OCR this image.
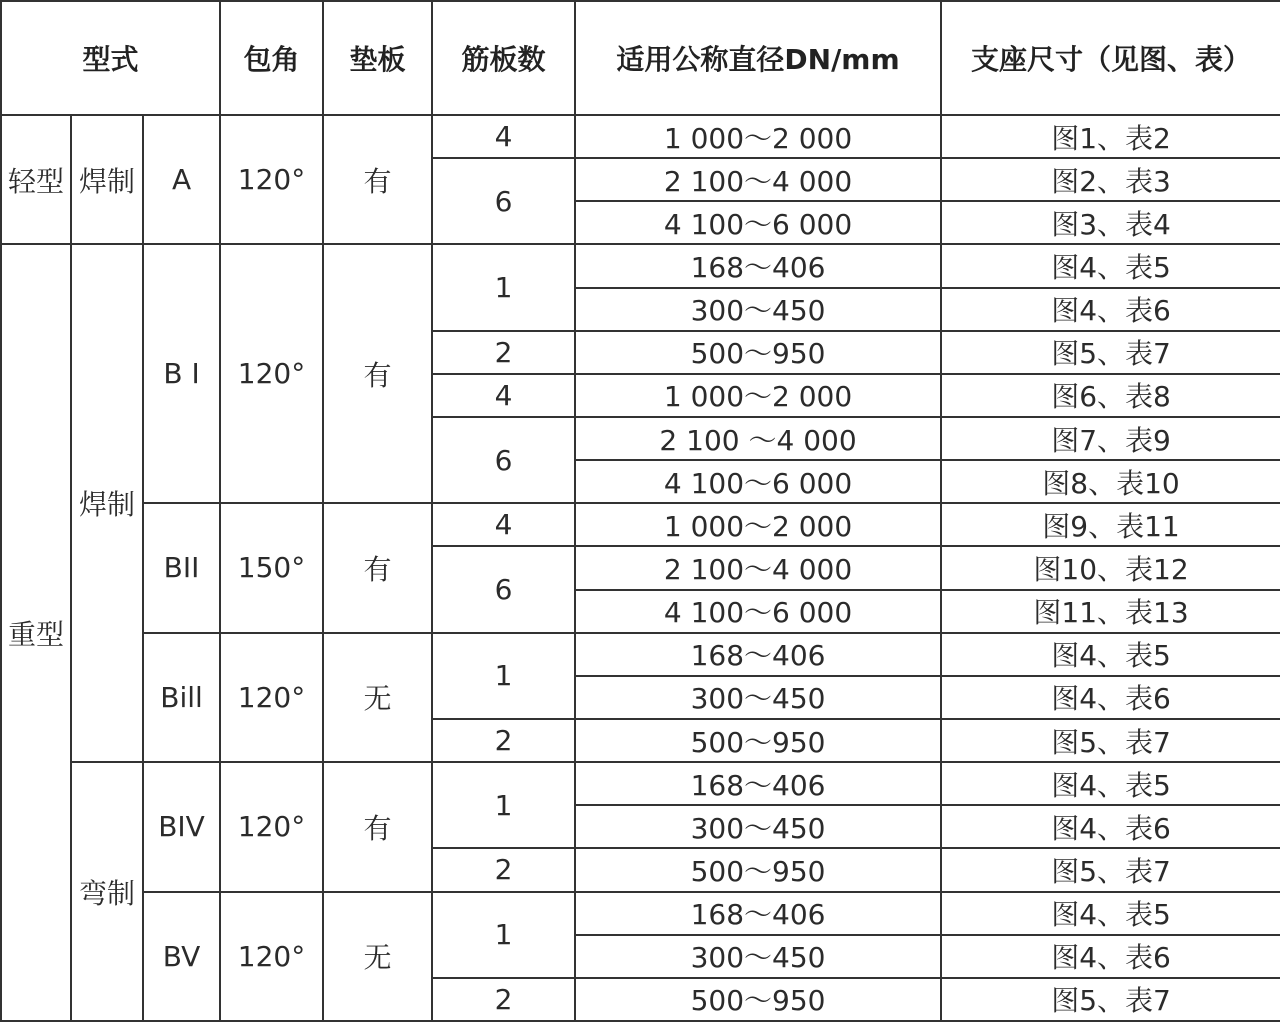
型式			包角	垫板	筋板数	适用公称直径DN/mm	支座尺寸（见图、表）
轻型	焊制	A	120°	有	4	1 000～2 000	图1、表2
					6	2 100～4 000	图2、表3
						4 100～6 000	图3、表4
重型	焊制	B I	120°	有	1	168～406	图4、表5
						300～450	图4、表6
					2	500～950	图5、表7
					4	1 000～2 000	图6、表8
					6	2 100 ～4 000	图7、表9
						4 100～6 000	图8、表10
		BII	150°	有	4	1 000～2 000	图9、表11
					6	2 100～4 000	图10、表12
						4 100～6 000	图11、表13
		Bill	120°	无	1	168～406	图4、表5
						300～450	图4、表6
					2	500～950	图5、表7
	弯制	BIV	120°	有	1	168～406	图4、表5
						300～450	图4、表6
					2	500～950	图5、表7
		BV	120°	无	1	168～406	图4、表5
						300～450	图4、表6
					2	500～950	图5、表7
